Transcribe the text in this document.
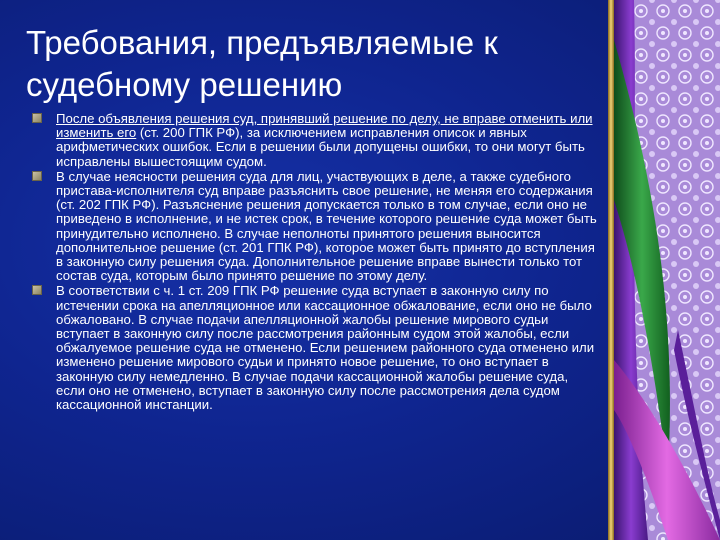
Требования, предъявляемые к судебному решению
После объявления решения суд, принявший решение по делу, не вправе отменить или изменить его (ст. 200 ГПК РФ), за исключением исправления описок и явных арифметических ошибок. Если в решении были допущены ошибки, то они могут быть исправлены вышестоящим судом.
В случае неясности решения суда для лиц, участвующих в деле, а также судебного пристава-исполнителя суд вправе разъяснить свое решение, не меняя его содержания (ст. 202 ГПК РФ). Разъяснение решения допускается только в том случае, если оно не приведено в исполнение, и не истек срок, в течение которого решение суда может быть принудительно исполнено. В случае неполноты принятого решения выносится дополнительное решение (ст. 201 ГПК РФ), которое может быть принято до вступления в законную силу решения суда. Дополнительное решение вправе вынести только тот состав суда, которым было принято решение по этому делу.
В соответствии с ч. 1 ст. 209 ГПК РФ решение суда вступает в законную силу по истечении срока на апелляционное или кассационное обжалование, если оно не было обжаловано. В случае подачи апелляционной жалобы решение мирового судьи вступает в законную силу после рассмотрения районным судом этой жалобы, если обжалуемое решение суда не отменено. Если решением районного суда отменено или изменено решение мирового судьи и принято новое решение, то оно вступает в законную силу немедленно. В случае подачи кассационной жалобы решение суда, если оно не отменено, вступает в законную силу после рассмотрения дела судом кассационной инстанции.
